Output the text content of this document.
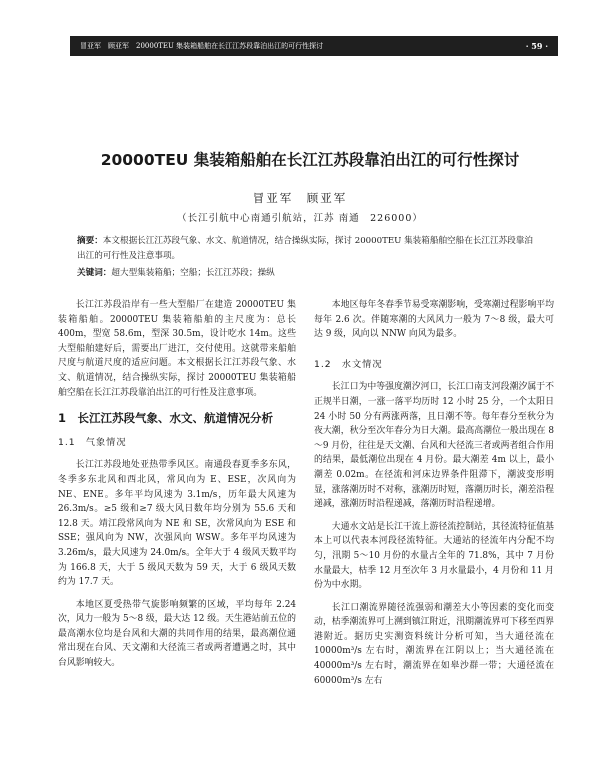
冒亚军　顾亚军　20000TEU 集装箱船舶在长江江苏段靠泊出江的可行性探讨	· 59 ·
20000TEU 集装箱船舶在长江江苏段靠泊出江的可行性探讨
冒亚军　顾亚军
（长江引航中心南通引航站，江苏 南通　226000）

摘要：本文根据长江江苏段气象、水文、航道情况，结合操纵实际，探讨 20000TEU 集装箱船舶空船在长江江苏段靠泊出江的可行性及注意事项。

关键词：超大型集装箱船；空船；长江江苏段；操纵

长江江苏段沿岸有一些大型船厂在建造 20000TEU 集装箱船舶。20000TEU 集装箱船舶的主尺度为：总长 400m，型宽 58.6m，型深 30.5m，设计吃水 14m。这些大型船舶建好后，需要出厂进江，交付使用。这就带来船舶尺度与航道尺度的适应问题。本文根据长江江苏段气象、水文、航道情况，结合操纵实际，探讨 20000TEU 集装箱船舶空船在长江江苏段靠泊出江的可行性及注意事项。

1　长江江苏段气象、水文、航道情况分析
1.1　气象情况

长江江苏段地处亚热带季风区。南通段春夏季多东风，冬季多东北风和西北风，常风向为 E、ESE，次风向为 NE、ENE。多年平均风速为 3.1m/s，历年最大风速为 26.3m/s。≥5 级和≥7 级大风日数年均分别为 55.6 天和 12.8 天。靖江段常风向为 NE 和 SE，次常风向为 ESE 和 SSE；强风向为 NW，次强风向 WSW。多年平均风速为 3.26m/s，最大风速为 24.0m/s。全年大于 4 级风天数平均为 166.8 天，大于 5 级风天数为 59 天，大于 6 级风天数约为 17.7 天。

本地区夏受热带气旋影响频繁的区域，平均每年 2.24 次，风力一般为 5～8 级，最大达 12 级。天生港站前五位的最高潮水位均是台风和大潮的共同作用的结果，最高潮位通常出现在台风、天文潮和大径流三者或两者遭遇之时，其中台风影响较大。

本地区每年冬春季节易受寒潮影响，受寒潮过程影响平均每年 2.6 次。伴随寒潮的大风风力一般为 7～8 级，最大可达 9 级，风向以 NNW 向风为最多。

1.2　水文情况

长江口为中等强度潮汐河口，长江口南支河段潮汐属于不正规半日潮，一涨一落平均历时 12 小时 25 分，一个太阳日 24 小时 50 分有两涨两落，且日潮不等。每年春分至秋分为夜大潮，秋分至次年春分为日大潮。最高高潮位一般出现在 8～9 月份，往往是天文潮、台风和大径流三者或两者组合作用的结果，最低潮位出现在 4 月份。最大潮差 4m 以上，最小潮差 0.02m。在径流和河床边界条件阻滞下，潮波变形明显，涨落潮历时不对称，涨潮历时短，落潮历时长，潮差沿程递减，涨潮历时沿程递减，落潮历时沿程递增。

大通水文站是长江干流上游径流控制站，其径流特征值基本上可以代表本河段径流特征。大通站的径流年内分配不均匀，汛期 5～10 月份的水量占全年的 71.8%，其中 7 月份水量最大，枯季 12 月至次年 3 月水量最小，4 月份和 11 月份为中水期。

长江口潮流界随径流强弱和潮差大小等因素的变化而变动，枯季潮流界可上溯到镇江附近，汛期潮流界可下移至西界港附近。据历史实测资料统计分析可知，当大通径流在 10000m³/s 左右时，潮流界在江阴以上；当大通径流在 40000m³/s 左右时，潮流界在如皋沙群一带；大通径流在 60000m³/s 左右
